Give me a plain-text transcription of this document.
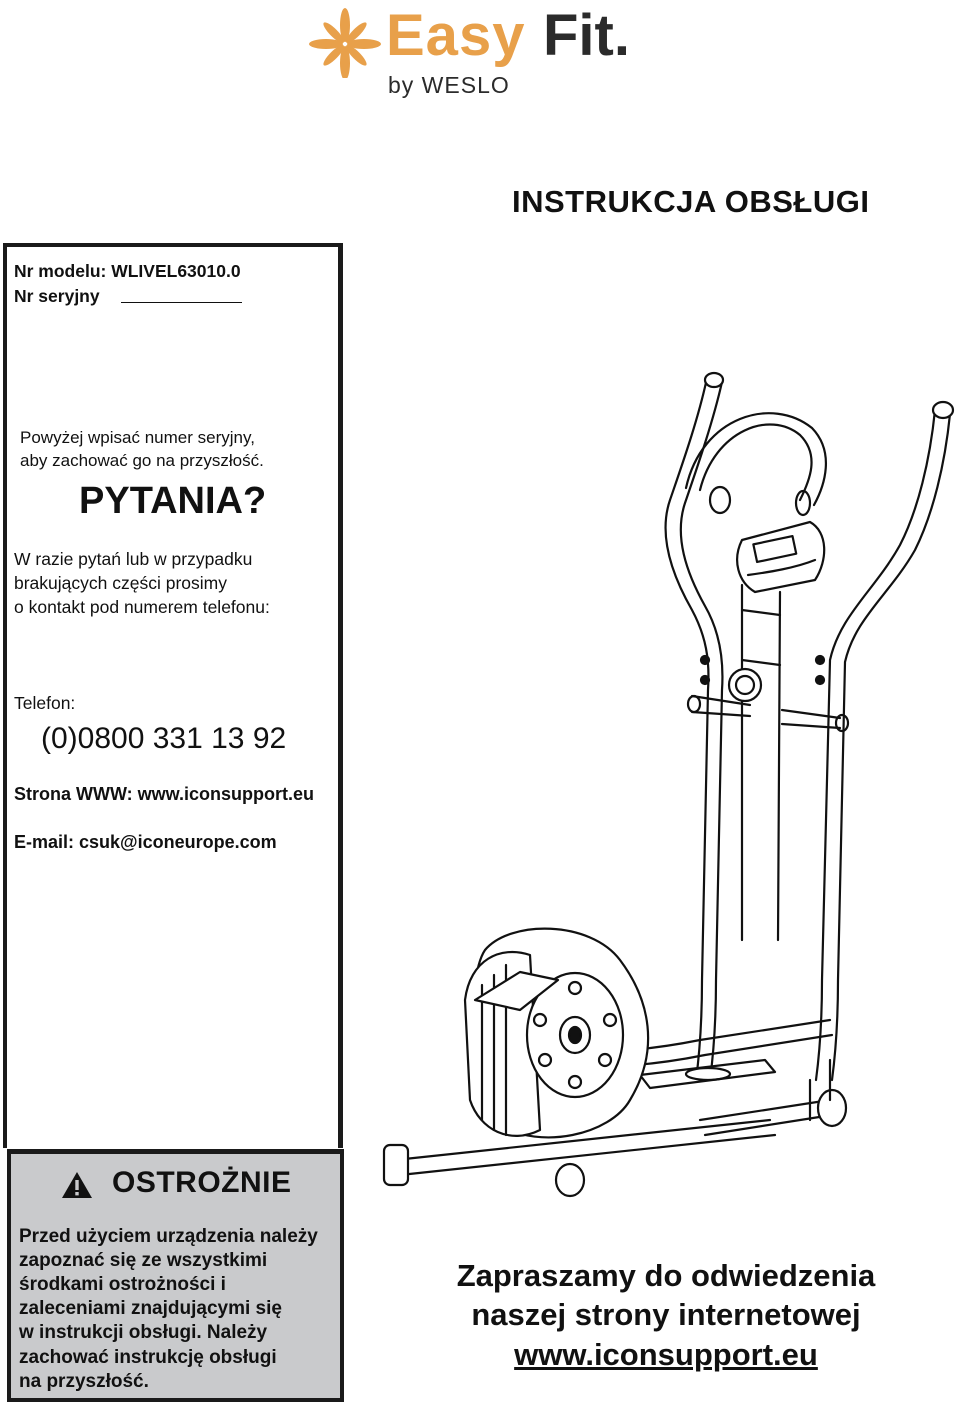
Easy Fit.
by WESLO
INSTRUKCJA OBSŁUGI
Nr modelu: WLIVEL63010.0
Nr seryjny
Powyżej wpisać numer seryjny,
aby zachować go na przyszłość.
PYTANIA?
W razie pytań lub w przypadku
brakujących części prosimy
o kontakt pod numerem telefonu:
Telefon:
(0)0800 331 13 92
Strona WWW: www.iconsupport.eu
E-mail: csuk@iconeurope.com
OSTROŻNIE
Przed użyciem urządzenia należy
zapoznać się ze wszystkimi
środkami ostrożności i
zaleceniami znajdującymi się
w instrukcji obsługi. Należy
zachować instrukcję obsługi
na przyszłość.
Zapraszamy do odwiedzenia
naszej strony internetowej
www.iconsupport.eu
